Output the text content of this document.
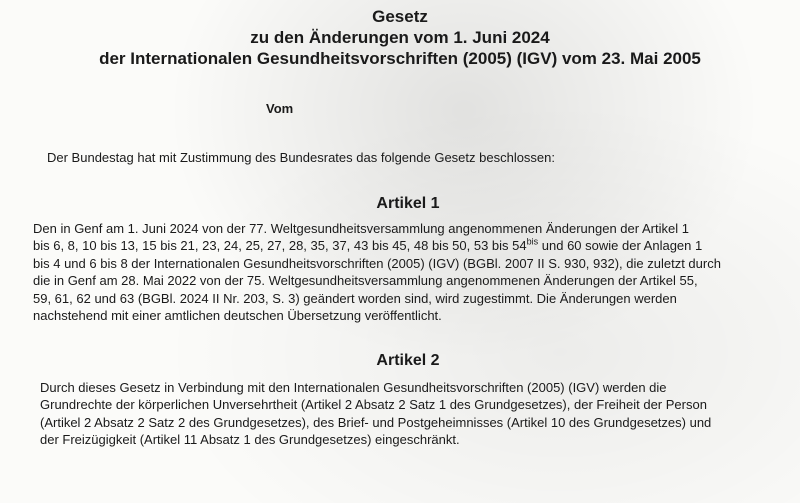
Gesetz
zu den Änderungen vom 1. Juni 2024
der Internationalen Gesundheitsvorschriften (2005) (IGV) vom 23. Mai 2005
Vom
Der Bundestag hat mit Zustimmung des Bundesrates das folgende Gesetz beschlossen:
Artikel 1
Den in Genf am 1. Juni 2024 von der 77. Weltgesundheitsversammlung angenommenen Änderungen der Artikel 1
bis 6, 8, 10 bis 13, 15 bis 21, 23, 24, 25, 27, 28, 35, 37, 43 bis 45, 48 bis 50, 53 bis $54^{bis}$ und 60 sowie der Anlagen 1
bis 4 und 6 bis 8 der Internationalen Gesundheitsvorschriften (2005) (IGV) (BGBl. 2007 II S. 930, 932), die zuletzt durch
die in Genf am 28. Mai 2022 von der 75. Weltgesundheitsversammlung angenommenen Änderungen der Artikel 55,
59, 61, 62 und 63 (BGBl. 2024 II Nr. 203, S. 3) geändert worden sind, wird zugestimmt. Die Änderungen werden
nachstehend mit einer amtlichen deutschen Übersetzung veröffentlicht.
Artikel 2
Durch dieses Gesetz in Verbindung mit den Internationalen Gesundheitsvorschriften (2005) (IGV) werden die
Grundrechte der körperlichen Unversehrtheit (Artikel 2 Absatz 2 Satz 1 des Grundgesetzes), der Freiheit der Person
(Artikel 2 Absatz 2 Satz 2 des Grundgesetzes), des Brief- und Postgeheimnisses (Artikel 10 des Grundgesetzes) und
der Freizügigkeit (Artikel 11 Absatz 1 des Grundgesetzes) eingeschränkt.
